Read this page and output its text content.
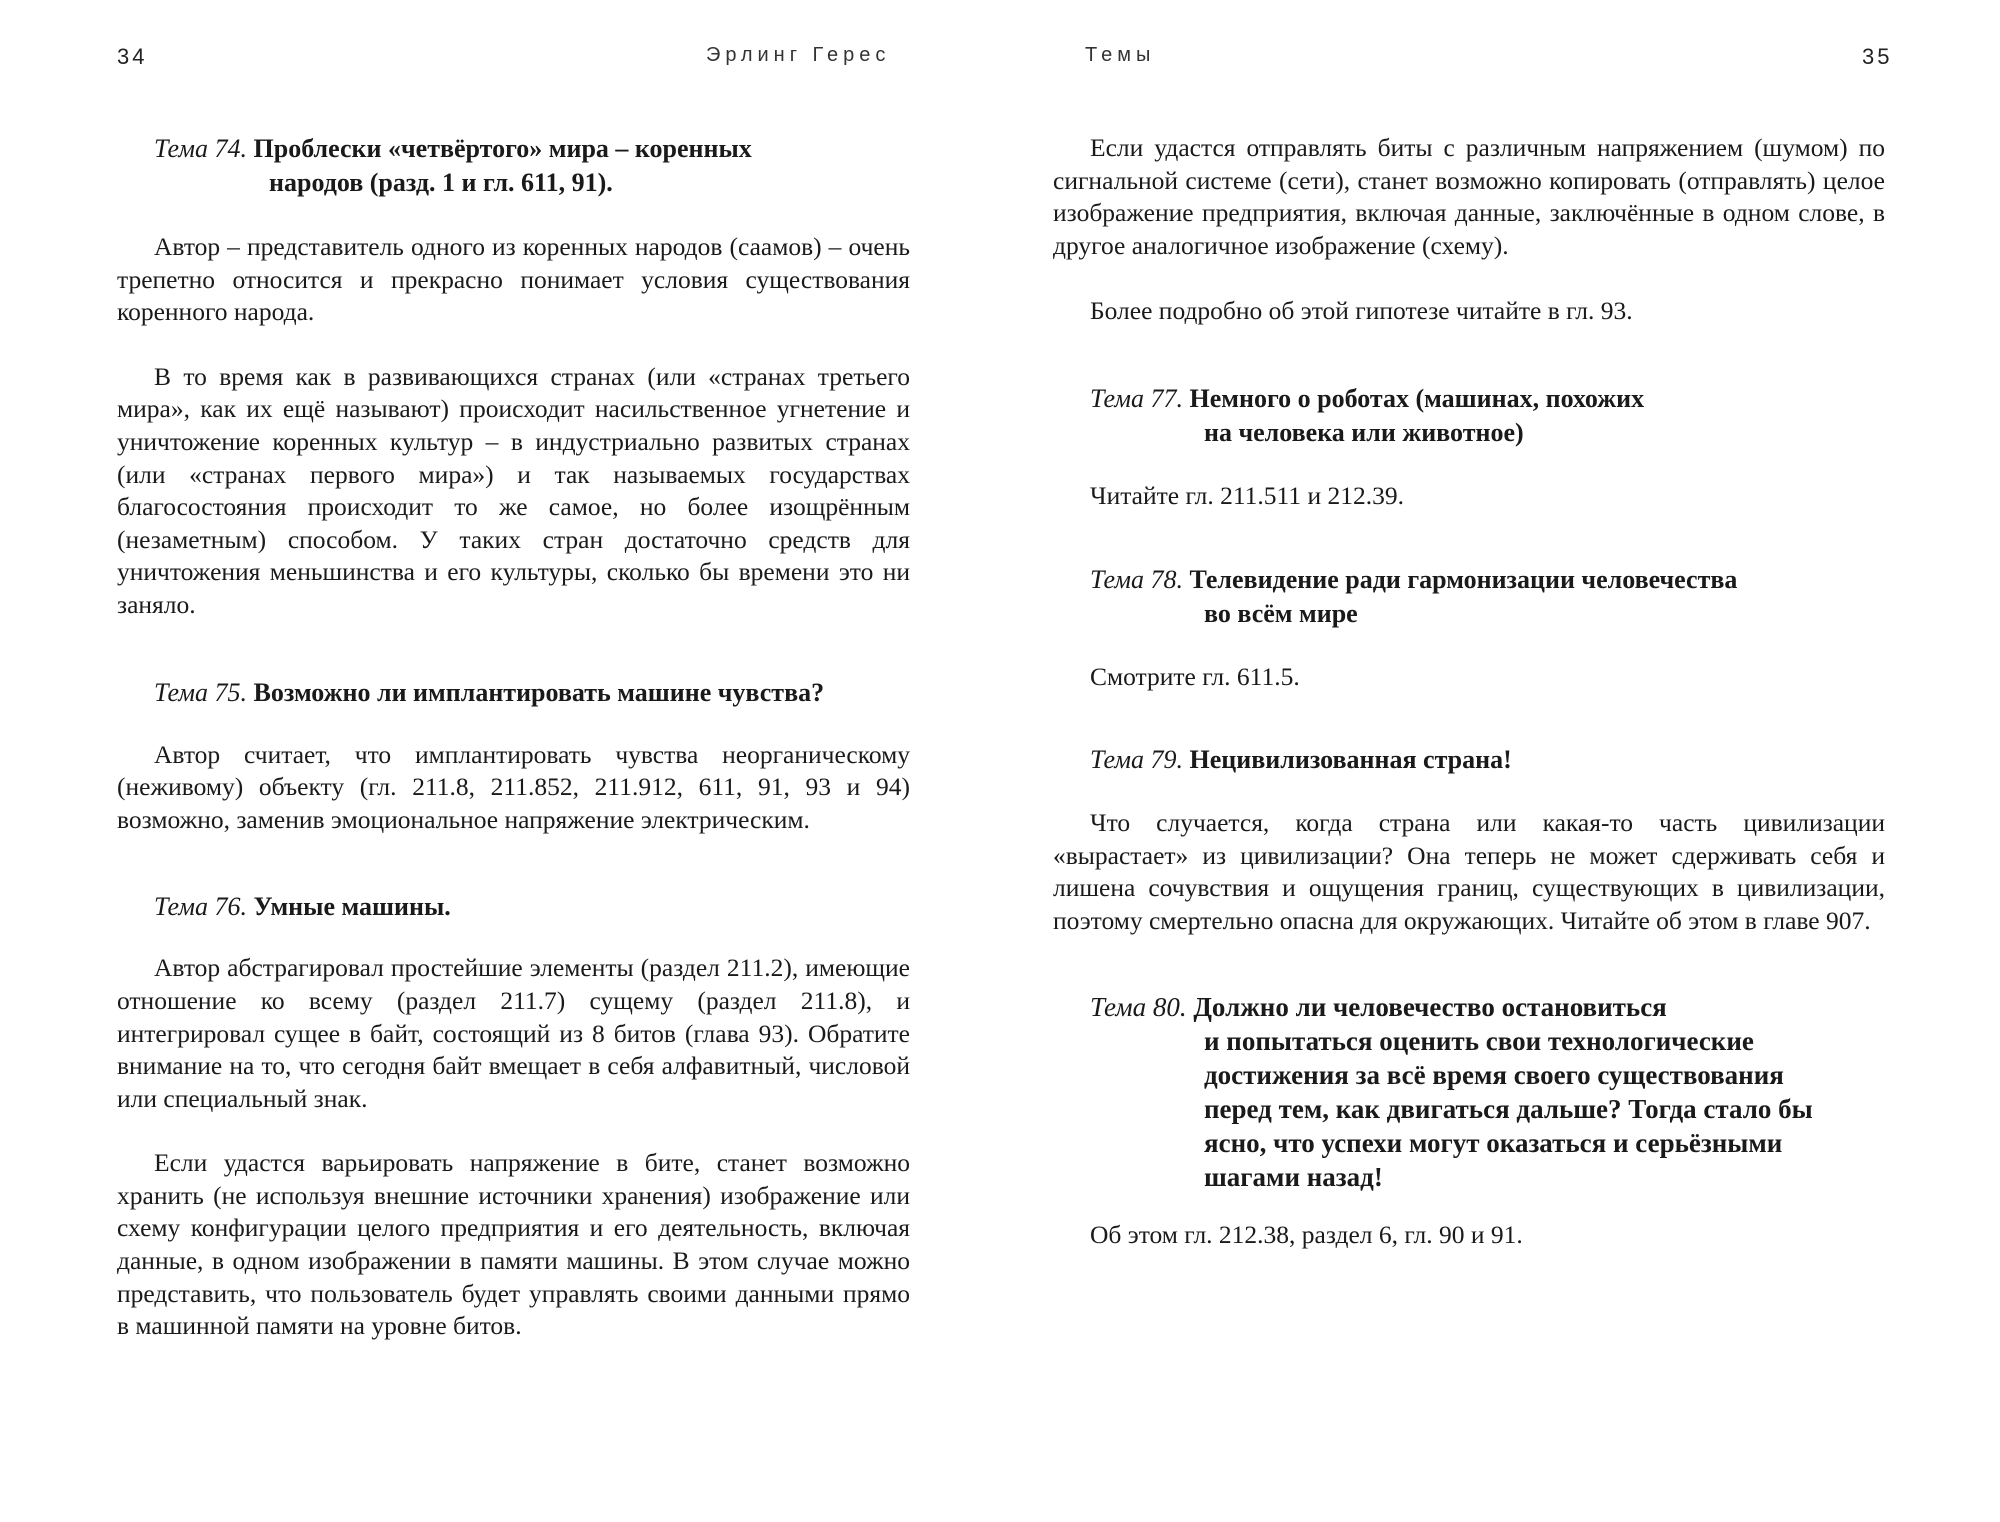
34	Эрлинг Герес
Тема 74. Проблески «четвёртого» мира – коренных
народов (разд. 1 и гл. 611, 91).

Автор – представитель одного из коренных народов (саамов) – очень трепетно относится и прекрасно понимает условия существования коренного народа.

В то время как в развивающихся странах (или «странах третьего мира», как их ещё называют) происходит насильственное угнетение и уничтожение коренных культур – в индустриально развитых странах (или «странах первого мира») и так называемых государствах благосостояния происходит то же самое, но более изощрённым (незаметным) способом. У таких стран достаточно средств для уничтожения меньшинства и его культуры, сколько бы времени это ни заняло.

Тема 75. Возможно ли имплантировать машине чувства?

Автор считает, что имплантировать чувства неорганическому (неживому) объекту (гл. 211.8, 211.852, 211.912, 611, 91, 93 и 94) возможно, заменив эмоциональное напряжение электрическим.

Тема 76. Умные машины.

Автор абстрагировал простейшие элементы (раздел 211.2), имеющие отношение ко всему (раздел 211.7) сущему (раздел 211.8), и интегрировал сущее в байт, состоящий из 8 битов (глава 93). Обратите внимание на то, что сегодня байт вмещает в себя алфавитный, числовой или специальный знак.

Если удастся варьировать напряжение в бите, станет возможно хранить (не используя внешние источники хранения) изображение или схему конфигурации целого предприятия и его деятельность, включая данные, в одном изображении в памяти машины. В этом случае можно представить, что пользователь будет управлять своими данными прямо в машинной памяти на уровне битов.

Темы	35

Если удастся отправлять биты с различным напряжением (шумом) по сигнальной системе (сети), станет возможно копировать (отправлять) целое изображение предприятия, включая данные, заключённые в одном слове, в другое аналогичное изображение (схему).

Более подробно об этой гипотезе читайте в гл. 93.

Тема 77. Немного о роботах (машинах, похожих
на человека или животное)

Читайте гл. 211.511 и 212.39.

Тема 78. Телевидение ради гармонизации человечества
во всём мире

Смотрите гл. 611.5.

Тема 79. Нецивилизованная страна!

Что случается, когда страна или какая-то часть цивилизации «вырастает» из цивилизации? Она теперь не может сдерживать себя и лишена сочувствия и ощущения границ, существующих в цивилизации, поэтому смертельно опасна для окружающих. Читайте об этом в главе 907.

Тема 80. Должно ли человечество остановиться
и попытаться оценить свои технологические
достижения за всё время своего существования
перед тем, как двигаться дальше? Тогда стало бы
ясно, что успехи могут оказаться и серьёзными
шагами назад!

Об этом гл. 212.38, раздел 6, гл. 90 и 91.
